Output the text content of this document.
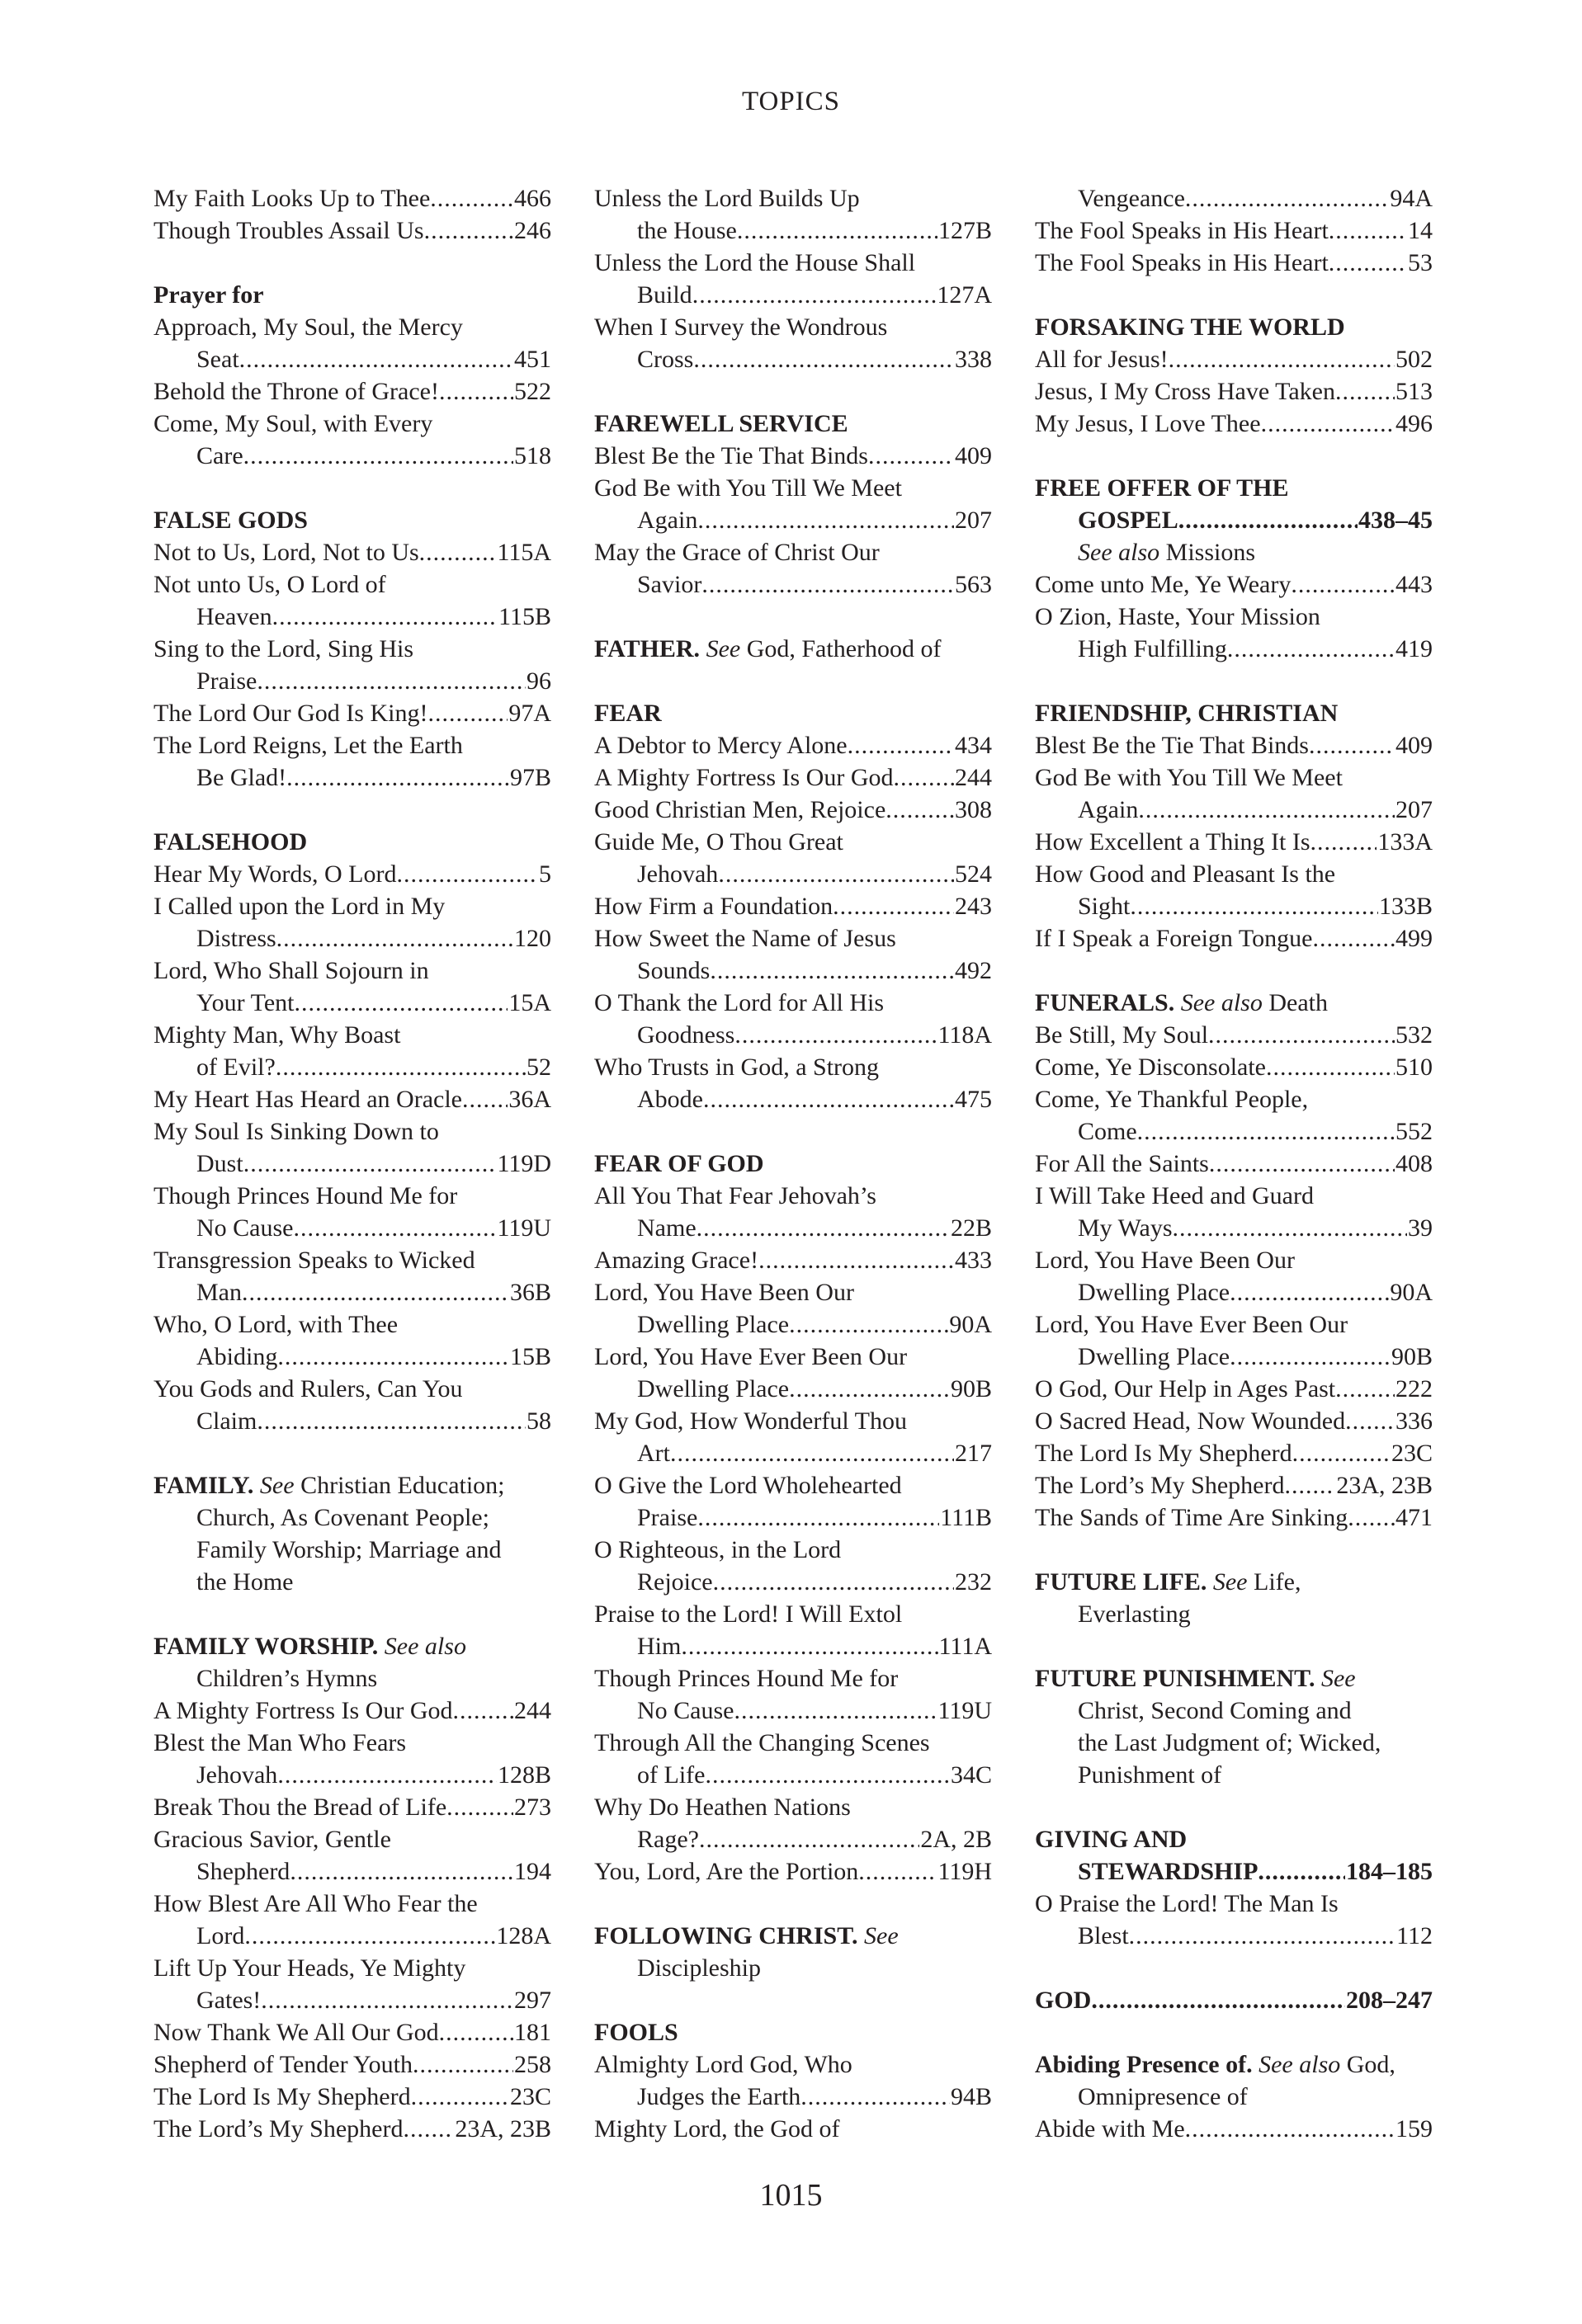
TOPICS
My Faith Looks Up to Thee .....	466
Though Troubles Assail Us .....	246
Prayer for
Approach, My Soul, the Mercy
Seat .....	451
Behold the Throne of Grace! .....	522
Come, My Soul, with Every
Care .....	518
FALSE GODS
Not to Us, Lord, Not to Us .....	115A
Not unto Us, O Lord of
Heaven .....	115B
Sing to the Lord, Sing His
Praise .....	96
The Lord Our God Is King! .....	97A
The Lord Reigns, Let the Earth
Be Glad! .....	97B
FALSEHOOD
Hear My Words, O Lord .....	5
I Called upon the Lord in My
Distress .....	120
Lord, Who Shall Sojourn in
Your Tent .....	15A
Mighty Man, Why Boast
of Evil? .....	52
My Heart Has Heard an Oracle ..... 36A
My Soul Is Sinking Down to
Dust .....	119D
Though Princes Hound Me for
No Cause .....	119U
Transgression Speaks to Wicked
Man .....	36B
Who, O Lord, with Thee
Abiding .....	15B
You Gods and Rulers, Can You
Claim .....	58
FAMILY. See Christian Education;
Church, As Covenant People;
Family Worship; Marriage and
the Home
FAMILY WORSHIP. See also
Children’s Hymns
A Mighty Fortress Is Our God ..... 244
Blest the Man Who Fears
Jehovah .....	128B
Break Thou the Bread of Life .....	273
Gracious Savior, Gentle
Shepherd .....	194
How Blest Are All Who Fear the
Lord .....	128A
Lift Up Your Heads, Ye Mighty
Gates! .....	297
Now Thank We All Our God .....	181
Shepherd of Tender Youth .....	258
The Lord Is My Shepherd .....	23C
The Lord’s My Shepherd ..... 23A, 23B
Unless the Lord Builds Up
the House .....	127B
Unless the Lord the House Shall
Build .....	127A
When I Survey the Wondrous
Cross .....	338
FAREWELL SERVICE
Blest Be the Tie That Binds .....	409
God Be with You Till We Meet
Again .....	207
May the Grace of Christ Our
Savior .....	563
FATHER. See God, Fatherhood of
FEAR
A Debtor to Mercy Alone .....	434
A Mighty Fortress Is Our God ..... 244
Good Christian Men, Rejoice .....	308
Guide Me, O Thou Great
Jehovah .....	524
How Firm a Foundation .....	243
How Sweet the Name of Jesus
Sounds .....	492
O Thank the Lord for All His
Goodness .....	118A
Who Trusts in God, a Strong
Abode .....	475
FEAR OF GOD
All You That Fear Jehovah’s
Name .....	22B
Amazing Grace! .....	433
Lord, You Have Been Our
Dwelling Place .....	90A
Lord, You Have Ever Been Our
Dwelling Place .....	90B
My God, How Wonderful Thou
Art .....	217
O Give the Lord Wholehearted
Praise .....	111B
O Righteous, in the Lord
Rejoice .....	232
Praise to the Lord! I Will Extol
Him .....	111A
Though Princes Hound Me for
No Cause .....	119U
Through All the Changing Scenes
of Life .....	34C
Why Do Heathen Nations
Rage? .....	2A, 2B
You, Lord, Are the Portion .....	119H
FOLLOWING CHRIST. See
Discipleship
FOOLS
Almighty Lord God, Who
Judges the Earth .....	94B
Mighty Lord, the God of
Vengeance .....	94A
The Fool Speaks in His Heart .....	14
The Fool Speaks in His Heart .....	53
FORSAKING THE WORLD
All for Jesus! .....	502
Jesus, I My Cross Have Taken ..... 513
My Jesus, I Love Thee .....	496
FREE OFFER OF THE
GOSPEL .....	438–45
See also Missions
Come unto Me, Ye Weary .....	443
O Zion, Haste, Your Mission
High Fulfilling .....	419
FRIENDSHIP, CHRISTIAN
Blest Be the Tie That Binds .....	409
God Be with You Till We Meet
Again .....	207
How Excellent a Thing It Is .....	133A
How Good and Pleasant Is the
Sight .....	133B
If I Speak a Foreign Tongue .....	499
FUNERALS. See also Death
Be Still, My Soul .....	532
Come, Ye Disconsolate .....	510
Come, Ye Thankful People,
Come .....	552
For All the Saints .....	408
I Will Take Heed and Guard
My Ways .....	39
Lord, You Have Been Our
Dwelling Place .....	90A
Lord, You Have Ever Been Our
Dwelling Place .....	90B
O God, Our Help in Ages Past ..... 222
O Sacred Head, Now Wounded ..... 336
The Lord Is My Shepherd .....	23C
The Lord’s My Shepherd ..... 23A, 23B
The Sands of Time Are Sinking ..... 471
FUTURE LIFE. See Life,
Everlasting
FUTURE PUNISHMENT. See
Christ, Second Coming and
the Last Judgment of; Wicked,
Punishment of
GIVING AND
STEWARDSHIP .....	184–185
O Praise the Lord! The Man Is
Blest .....	112
GOD .....	208–247
Abiding Presence of. See also God,
Omnipresence of
Abide with Me .....	159
1015
